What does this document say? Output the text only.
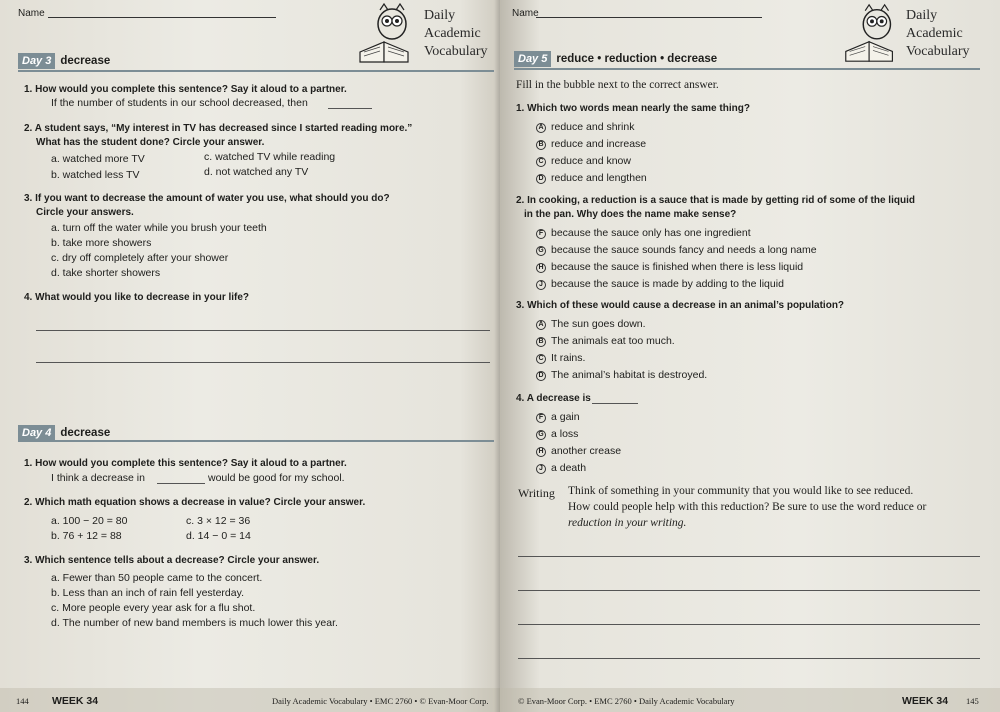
Name	Daily
Academic
Vocabulary
Day 3 decrease
1. How would you complete this sentence? Say it aloud to a partner.
If the number of students in our school decreased, then
2. A student says, “My interest in TV has decreased since I started reading more.”
What has the student done? Circle your answer.
a. watched more TV	c. watched TV while reading
b. watched less TV	d. not watched any TV
3. If you want to decrease the amount of water you use, what should you do?
Circle your answers.
a. turn off the water while you brush your teeth
b. take more showers
c. dry off completely after your shower
d. take shorter showers
4. What would you like to decrease in your life?
Day 4 decrease
1. How would you complete this sentence? Say it aloud to a partner.
I think a decrease in	would be good for my school.
2. Which math equation shows a decrease in value? Circle your answer.
a. 100 − 20 = 80	c. 3 × 12 = 36
b. 76 + 12 = 88	d. 14 − 0 = 14
3. Which sentence tells about a decrease? Circle your answer.
a. Fewer than 50 people came to the concert.
b. Less than an inch of rain fell yesterday.
c. More people every year ask for a flu shot.
d. The number of new band members is much lower this year.
144 WEEK 34	Daily Academic Vocabulary • EMC 2760 • © Evan-Moor Corp.
Name	Daily
Academic
Vocabulary
Day 5 reduce • reduction • decrease
Fill in the bubble next to the correct answer.
1. Which two words mean nearly the same thing?
A reduce and shrink
B reduce and increase
C reduce and know
D reduce and lengthen
2. In cooking, a reduction is a sauce that is made by getting rid of some of the liquid
in the pan. Why does the name make sense?
F because the sauce only has one ingredient
G because the sauce sounds fancy and needs a long name
H because the sauce is finished when there is less liquid
J because the sauce is made by adding to the liquid
3. Which of these would cause a decrease in an animal’s population?
A The sun goes down.
B The animals eat too much.
C It rains.
D The animal’s habitat is destroyed.
4. A decrease is
F a gain
G a loss
H another crease
J a death
Writing Think of something in your community that you would like to see reduced.
How could people help with this reduction? Be sure to use the word reduce or
reduction in your writing.
© Evan-Moor Corp. • EMC 2760 • Daily Academic Vocabulary	WEEK 34 145
